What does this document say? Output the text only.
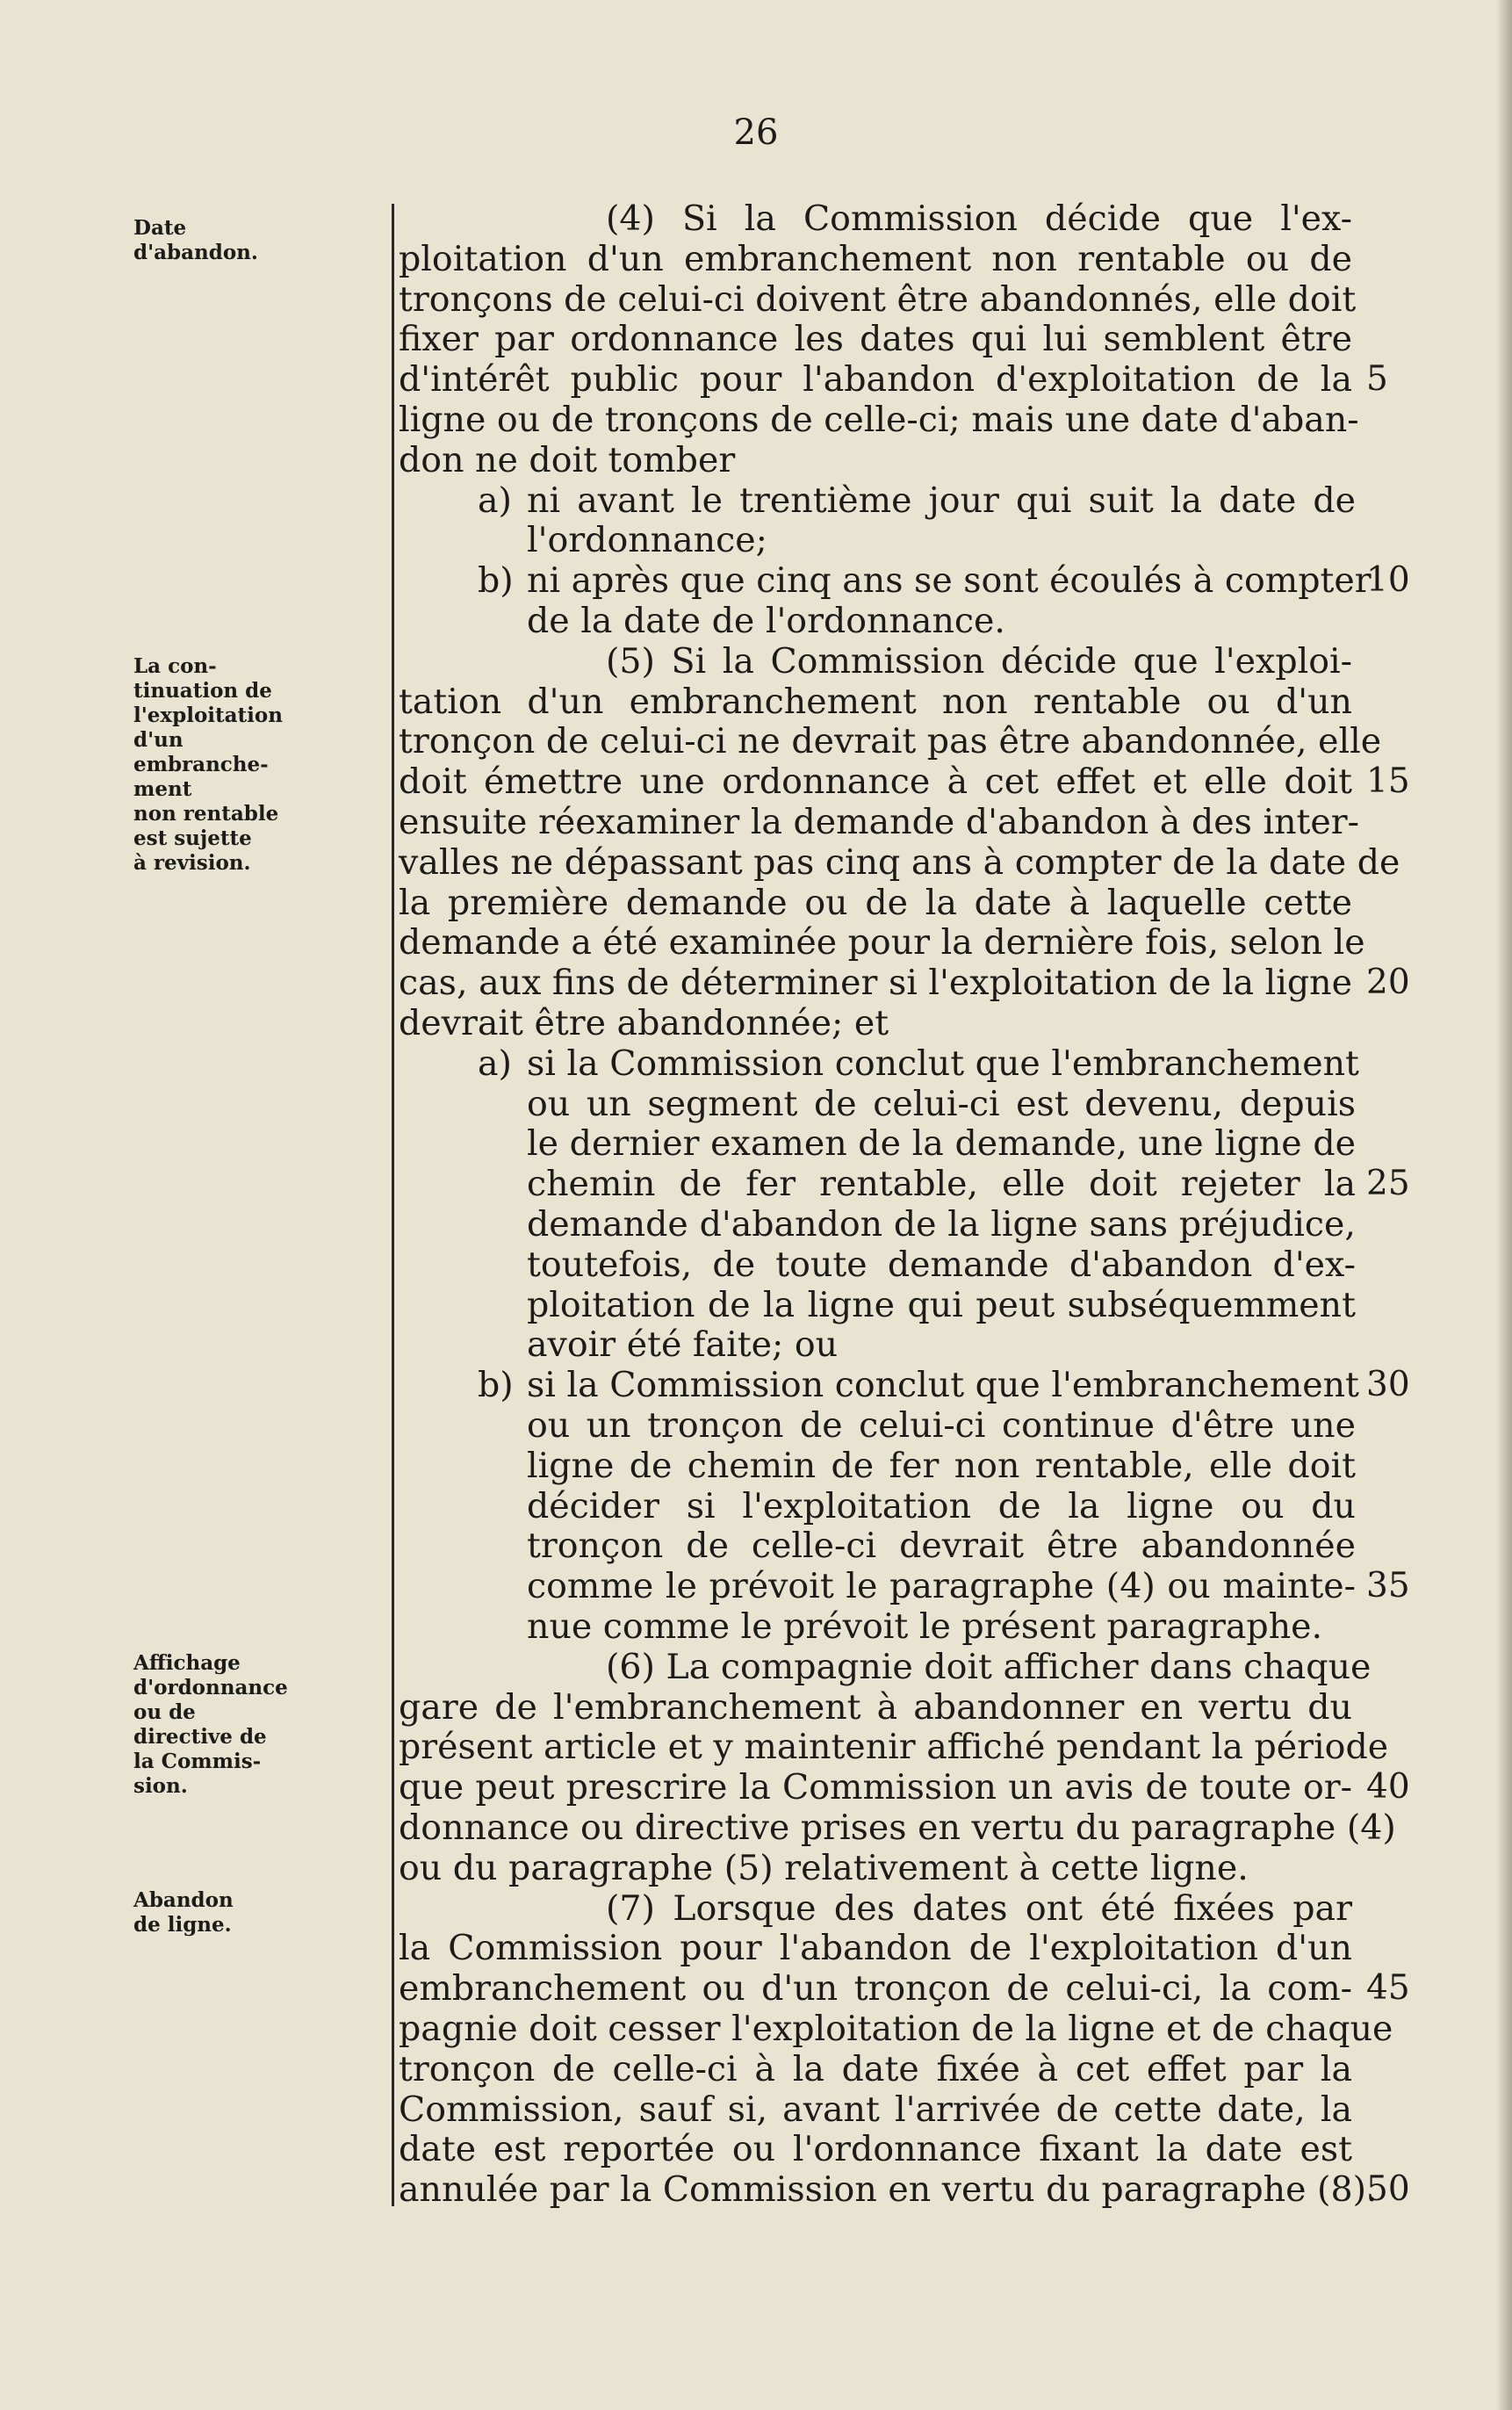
26
Date
d'abandon.
La con-
tinuation de
l'exploitation
d'un
embranche-
ment
non rentable
est sujette
à revision.
Affichage
d'ordonnance
ou de
directive de
la Commis-
sion.
Abandon
de ligne.
(4) Si la Commission décide que l'ex-
ploitation d'un embranchement non rentable ou de
tronçons de celui-ci doivent être abandonnés, elle doit
fixer par ordonnance les dates qui lui semblent être
d'intérêt public pour l'abandon d'exploitation de la
ligne ou de tronçons de celle-ci; mais une date d'aban-
don ne doit tomber
ni avant le trentième jour qui suit la date de
l'ordonnance;
ni après que cinq ans se sont écoulés à compter
de la date de l'ordonnance.
(5) Si la Commission décide que l'exploi-
tation d'un embranchement non rentable ou d'un
tronçon de celui-ci ne devrait pas être abandonnée, elle
doit émettre une ordonnance à cet effet et elle doit
ensuite réexaminer la demande d'abandon à des inter-
valles ne dépassant pas cinq ans à compter de la date de
la première demande ou de la date à laquelle cette
demande a été examinée pour la dernière fois, selon le
cas, aux fins de déterminer si l'exploitation de la ligne
devrait être abandonnée; et
si la Commission conclut que l'embranchement
ou un segment de celui-ci est devenu, depuis
le dernier examen de la demande, une ligne de
chemin de fer rentable, elle doit rejeter la
demande d'abandon de la ligne sans préjudice,
toutefois, de toute demande d'abandon d'ex-
ploitation de la ligne qui peut subséquemment
avoir été faite; ou
si la Commission conclut que l'embranchement
ou un tronçon de celui-ci continue d'être une
ligne de chemin de fer non rentable, elle doit
décider si l'exploitation de la ligne ou du
tronçon de celle-ci devrait être abandonnée
comme le prévoit le paragraphe (4) ou mainte-
nue comme le prévoit le présent paragraphe.
(6) La compagnie doit afficher dans chaque
gare de l'embranchement à abandonner en vertu du
présent article et y maintenir affiché pendant la période
que peut prescrire la Commission un avis de toute or-
donnance ou directive prises en vertu du paragraphe (4)
ou du paragraphe (5) relativement à cette ligne.
(7) Lorsque des dates ont été fixées par
la Commission pour l'abandon de l'exploitation d'un
embranchement ou d'un tronçon de celui-ci, la com-
pagnie doit cesser l'exploitation de la ligne et de chaque
tronçon de celle-ci à la date fixée à cet effet par la
Commission, sauf si, avant l'arrivée de cette date, la
date est reportée ou l'ordonnance fixant la date est
annulée par la Commission en vertu du paragraphe (8).
a)
b)
a)
b)
5
10
15
20
25
30
35
40
45
50
